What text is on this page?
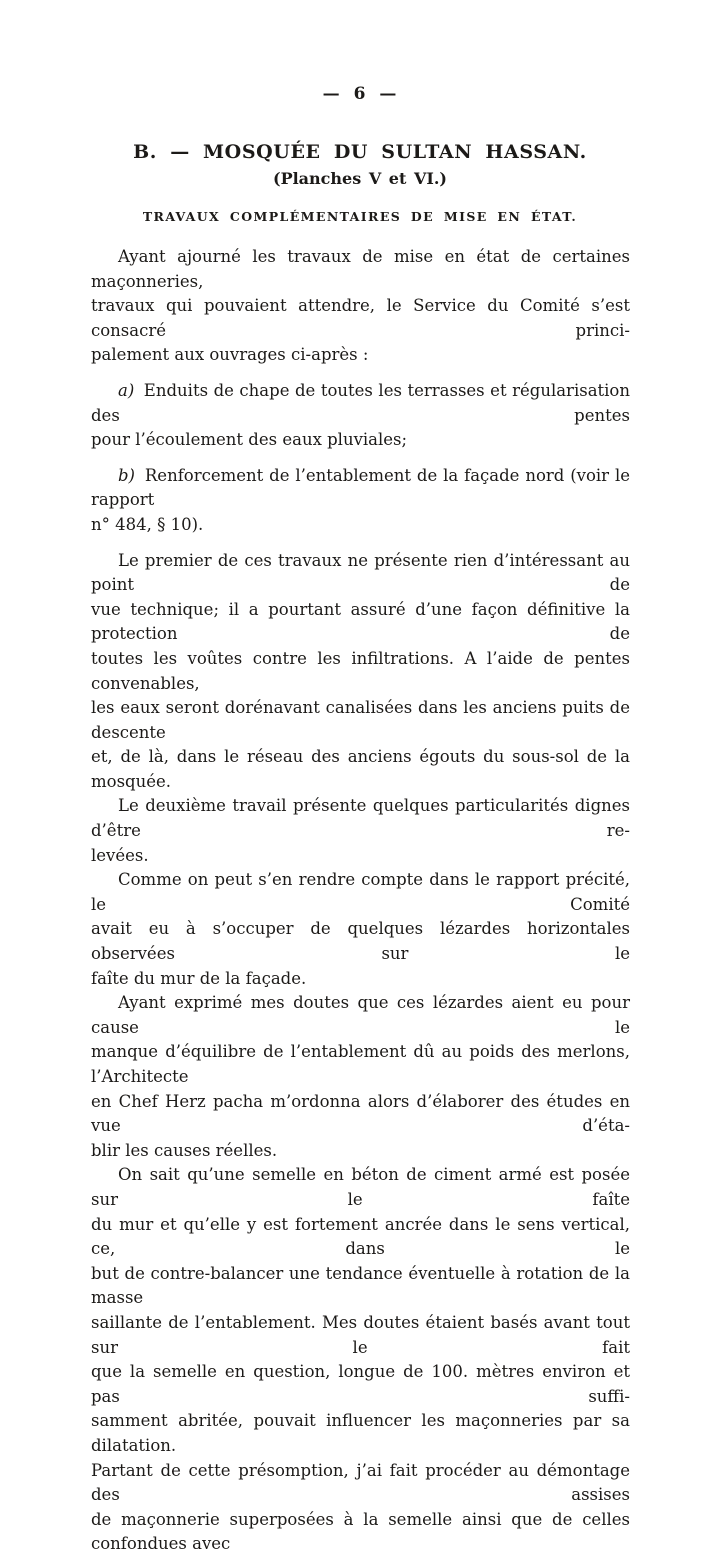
— 6 —
B. — MOSQUÉE DU SULTAN HASSAN.
(Planches V et VI.)
TRAVAUX COMPLÉMENTAIRES DE MISE EN ÉTAT.
Ayant ajourné les travaux de mise en état de certaines maçonneries,
travaux qui pouvaient attendre, le Service du Comité s’est consacré princi-
palement aux ouvrages ci-après :
a) Enduits de chape de toutes les terrasses et régularisation des pentes
pour l’écoulement des eaux pluviales;
b) Renforcement de l’entablement de la façade nord (voir le rapport
n° 484, § 10).
Le premier de ces travaux ne présente rien d’intéressant au point de
vue technique; il a pourtant assuré d’une façon définitive la protection de
toutes les voûtes contre les infiltrations. A l’aide de pentes convenables,
les eaux seront dorénavant canalisées dans les anciens puits de descente
et, de là, dans le réseau des anciens égouts du sous-sol de la mosquée.
Le deuxième travail présente quelques particularités dignes d’être re-
levées.
Comme on peut s’en rendre compte dans le rapport précité, le Comité
avait eu à s’occuper de quelques lézardes horizontales observées sur le
faîte du mur de la façade.
Ayant exprimé mes doutes que ces lézardes aient eu pour cause le
manque d’équilibre de l’entablement dû au poids des merlons, l’Architecte
en Chef Herz pacha m’ordonna alors d’élaborer des études en vue d’éta-
blir les causes réelles.
On sait qu’une semelle en béton de ciment armé est posée sur le faîte
du mur et qu’elle y est fortement ancrée dans le sens vertical, ce, dans le
but de contre-balancer une tendance éventuelle à rotation de la masse
saillante de l’entablement. Mes doutes étaient basés avant tout sur le fait
que la semelle en question, longue de 100. mètres environ et pas suffi-
samment abritée, pouvait influencer les maçonneries par sa dilatation.
Partant de cette présomption, j’ai fait procéder au démontage des assises
de maçonnerie superposées à la semelle ainsi que de celles confondues avec
